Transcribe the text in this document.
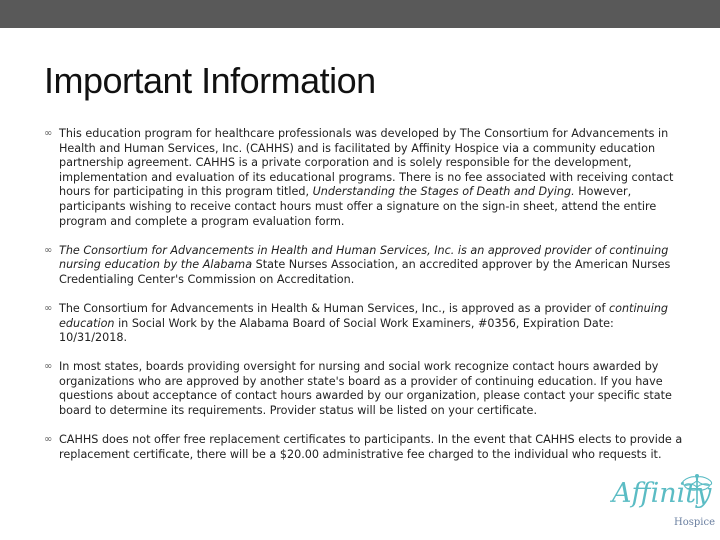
Important Information
∞ This education program for healthcare professionals was developed by The Consortium for Advancements in Health and Human Services, Inc. (CAHHS) and is facilitated by Affinity Hospice via a community education partnership agreement. CAHHS is a private corporation and is solely responsible for the development, implementation and evaluation of its educational programs. There is no fee associated with receiving contact hours for participating in this program titled, Understanding the Stages of Death and Dying. However, participants wishing to receive contact hours must offer a signature on the sign-in sheet, attend the entire program and complete a program evaluation form.
∞ The Consortium for Advancements in Health and Human Services, Inc. is an approved provider of continuing nursing education by the Alabama State Nurses Association, an accredited approver by the American Nurses Credentialing Center's Commission on Accreditation.
∞ The Consortium for Advancements in Health & Human Services, Inc., is approved as a provider of continuing education in Social Work by the Alabama Board of Social Work Examiners, #0356, Expiration Date: 10/31/2018.
∞ In most states, boards providing oversight for nursing and social work recognize contact hours awarded by organizations who are approved by another state's board as a provider of continuing education. If you have questions about acceptance of contact hours awarded by our organization, please contact your specific state board to determine its requirements. Provider status will be listed on your certificate.
∞ CAHHS does not offer free replacement certificates to participants. In the event that CAHHS elects to provide a replacement certificate, there will be a $20.00 administrative fee charged to the individual who requests it.
Affinity
Hospice
